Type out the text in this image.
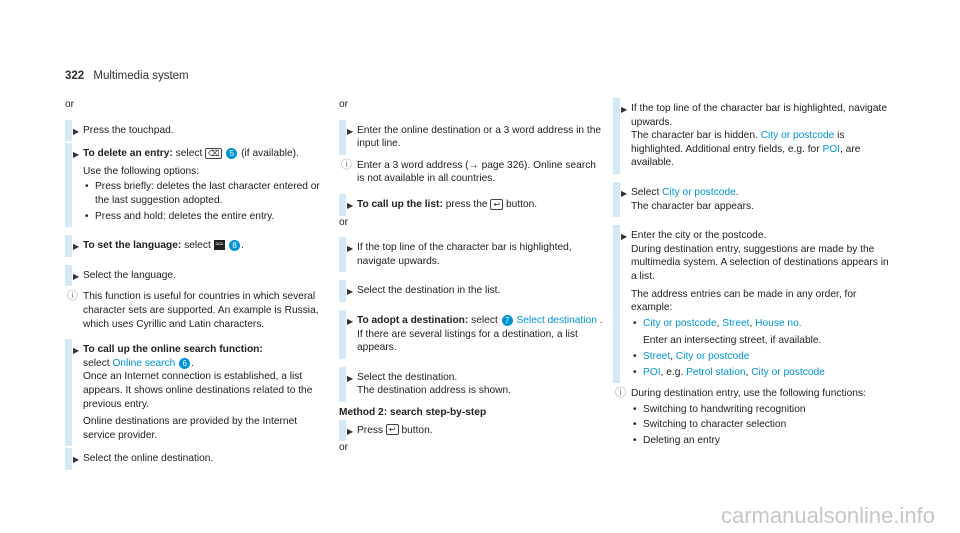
322 Multimedia system

or

▶ Press the touchpad.
▶ To delete an entry: select ⌫ 5 (if available).
Use the following options:
• Press briefly: deletes the last character entered or the last suggestion adopted.
• Press and hold: deletes the entire entry.
▶ To set the language: select ≈≈ 8 .
▶ Select the language.
ⓘ This function is useful for countries in which several character sets are supported. An example is Russia, which uses Cyrillic and Latin characters.
▶ To call up the online search function:
select Online search 6 .
Once an Internet connection is established, a list appears. It shows online destinations related to the previous entry.
Online destinations are provided by the Internet service provider.
▶ Select the online destination.

or

▶ Enter the online destination or a 3 word address in the input line.
ⓘ Enter a 3 word address (→ page 326). Online search is not available in all countries.
▶ To call up the list: press the ↩ button.

or

▶ If the top line of the character bar is highlighted, navigate upwards.
▶ Select the destination in the list.
▶ To adopt a destination: select 7 Select destination .
If there are several listings for a destination, a list appears.
▶ Select the destination.
The destination address is shown.
Method 2: search step-by-step
▶ Press ↩ button.

or

▶ If the top line of the character bar is highlighted, navigate upwards.
The character bar is hidden. City or postcode is highlighted. Additional entry fields, e.g. for POI, are available.
▶ Select City or postcode.
The character bar appears.
▶ Enter the city or the postcode.
During destination entry, suggestions are made by the multimedia system. A selection of destinations appears in a list.
The address entries can be made in any order, for example:
• City or postcode, Street, House no.
Enter an intersecting street, if available.
• Street, City or postcode
• POI, e.g. Petrol station, City or postcode
ⓘ During destination entry, use the following functions:
• Switching to handwriting recognition
• Switching to character selection
• Deleting an entry
carmanualsonline.info
